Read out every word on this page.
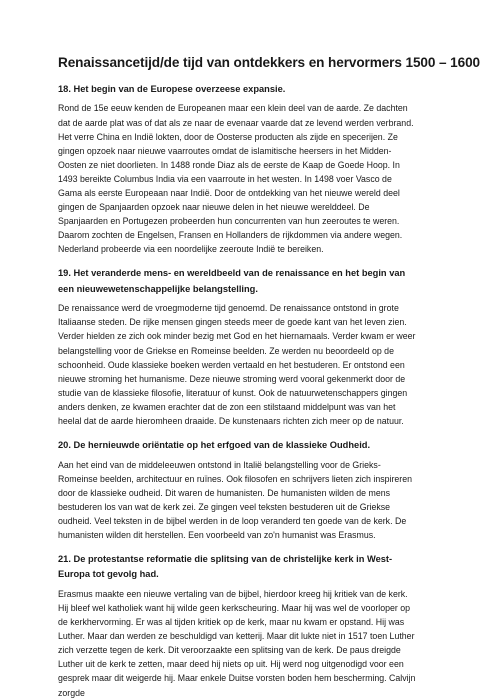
Renaissancetijd/de tijd van ontdekkers en hervormers 1500 – 1600
18. Het begin van de Europese overzeese expansie.

Rond de 15e eeuw kenden de Europeanen maar een klein deel van de aarde. Ze dachten dat de aarde plat was of dat als ze naar de evenaar vaarde dat ze levend werden verbrand. Het verre China en Indië lokten, door de Oosterse producten als zijde en specerijen. Ze gingen opzoek naar nieuwe vaarroutes omdat de islamitische heersers in het Midden-Oosten ze niet doorlieten. In 1488 ronde Diaz als de eerste de Kaap de Goede Hoop. In 1493 bereikte Columbus India via een vaarroute in het westen. In 1498 voer Vasco de Gama als eerste Europeaan naar Indië. Door de ontdekking van het nieuwe wereld deel gingen de Spanjaarden opzoek naar nieuwe delen in het nieuwe werelddeel. De Spanjaarden en Portugezen probeerden hun concurrenten van hun zeeroutes te weren. Daarom zochten de Engelsen, Fransen en Hollanders de rijkdommen via andere wegen. Nederland probeerde via een noordelijke zeeroute Indië te bereiken.

19. Het veranderde mens- en wereldbeeld van de renaissance en het begin van een nieuwewetenschappelijke belangstelling.

De renaissance werd de vroegmoderne tijd genoemd. De renaissance ontstond in grote Italiaanse steden. De rijke mensen gingen steeds meer de goede kant van het leven zien. Verder hielden ze zich ook minder bezig met God en het hiernamaals. Verder kwam er weer belangstelling voor de Griekse en Romeinse beelden. Ze werden nu beoordeeld op de schoonheid. Oude klassieke boeken werden vertaald en het bestuderen. Er ontstond een nieuwe stroming het humanisme. Deze nieuwe stroming werd vooral gekenmerkt door de studie van de klassieke filosofie, literatuur of kunst. Ook de natuurwetenschappers gingen anders denken, ze kwamen erachter dat de zon een stilstaand middelpunt was van het heelal dat de aarde hieromheen draaide. De kunstenaars richten zich meer op de natuur.

20. De hernieuwde oriëntatie op het erfgoed van de klassieke Oudheid.

Aan het eind van de middeleeuwen ontstond in Italië belangstelling voor de Grieks-Romeinse beelden, architectuur en ruïnes. Ook filosofen en schrijvers lieten zich inspireren door de klassieke oudheid. Dit waren de humanisten. De humanisten wilden de mens bestuderen los van wat de kerk zei. Ze gingen veel teksten bestuderen uit de Griekse oudheid. Veel teksten in de bijbel werden in de loop veranderd ten goede van de kerk. De humanisten wilden dit herstellen. Een voorbeeld van zo'n humanist was Erasmus.

21. De protestantse reformatie die splitsing van de christelijke kerk in West-Europa tot gevolg had.

Erasmus maakte een nieuwe vertaling van de bijbel, hierdoor kreeg hij kritiek van de kerk. Hij bleef wel katholiek want hij wilde geen kerkscheuring. Maar hij was wel de voorloper op de kerkhervorming. Er was al tijden kritiek op de kerk, maar nu kwam er opstand. Hij was Luther. Maar dan werden ze beschuldigd van ketterij. Maar dit lukte niet in 1517 toen Luther zich verzette tegen de kerk. Dit veroorzaakte een splitsing van de kerk. De paus dreigde Luther uit de kerk te zetten, maar deed hij niets op uit. Hij werd nog uitgenodigd voor een gesprek maar dit weigerde hij. Maar enkele Duitse vorsten boden hem bescherming. Calvijn zorgde
